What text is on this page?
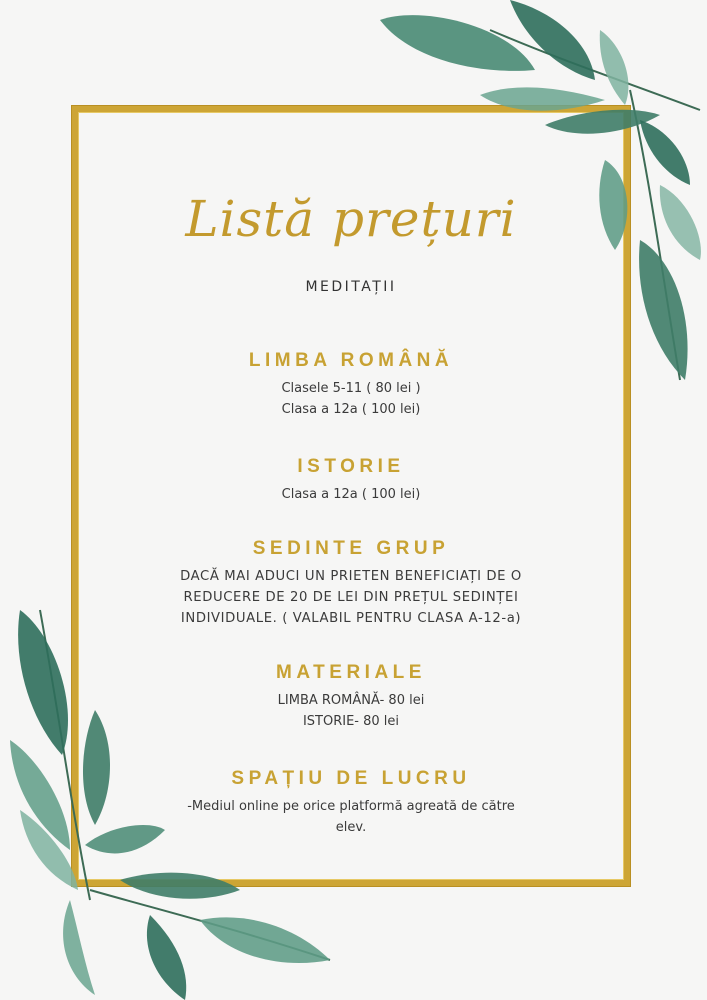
Listă prețuri
MEDITAȚII
LIMBA ROMÂNĂ
Clasele 5-11 ( 80 lei )
Clasa a 12a ( 100 lei)
ISTORIE
Clasa a 12a ( 100 lei)
SEDINTE GRUP
DACĂ MAI ADUCI UN PRIETEN BENEFICIAȚI DE O
REDUCERE DE 20 DE LEI DIN PREȚUL SEDINȚEI
INDIVIDUALE. ( VALABIL PENTRU CLASA A-12-a)
MATERIALE
LIMBA ROMÂNĂ- 80 lei
ISTORIE- 80 lei
SPAȚIU DE LUCRU
-Mediul online pe orice platformă agreată de către
elev.
